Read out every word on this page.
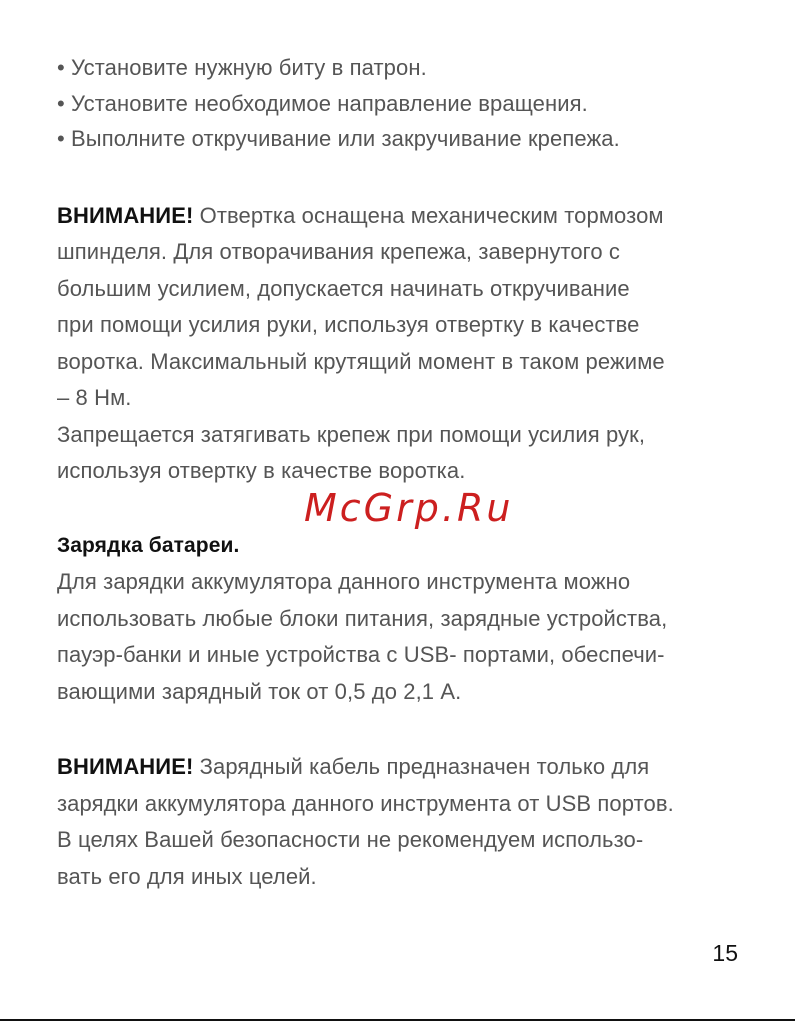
• Установите нужную биту в патрон.
• Установите необходимое направление вращения.
• Выполните откручивание или закручивание крепежа.
ВНИМАНИЕ! Отвертка оснащена механическим тормозом
шпинделя. Для отворачивания крепежа, завернутого с
большим усилием, допускается начинать откручивание
при помощи усилия руки, используя отвертку в качестве
воротка. Максимальный крутящий момент в таком режиме
– 8 Нм.
Запрещается затягивать крепеж при помощи усилия рук,
используя отвертку в качестве воротка.
Зарядка батареи.
Для зарядки аккумулятора данного инструмента можно
использовать любые блоки питания, зарядные устройства,
пауэр-банки и иные устройства с USB- портами, обеспечи-
вающими зарядный ток от 0,5 до 2,1 А.
ВНИМАНИЕ! Зарядный кабель предназначен только для
зарядки аккумулятора данного инструмента от USB портов.
В целях Вашей безопасности не рекомендуем использо-
вать его для иных целей.
McGrp.Ru
15
